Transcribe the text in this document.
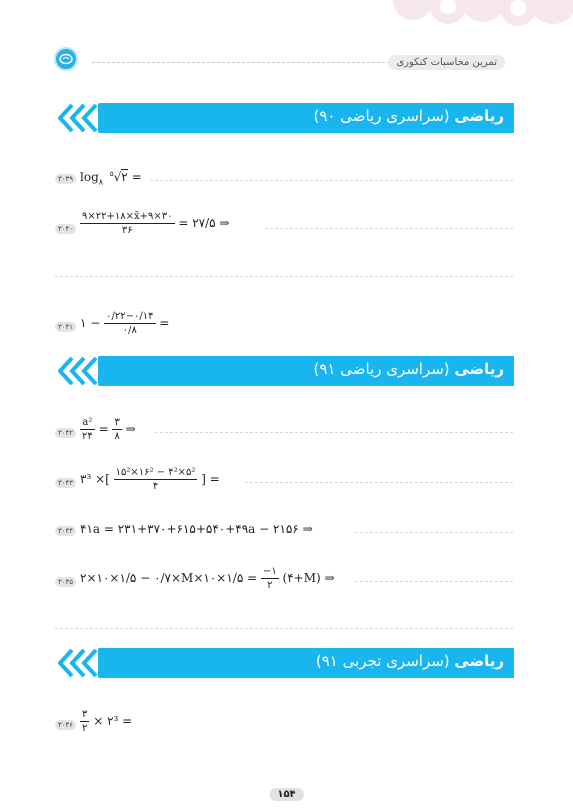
تمرین محاسبات کنکوری
ریاضی (سراسری ریاضی ۹۰)
۳۰۳۹ $\log_۸$ $^۵$√۲ =
۳۰۴۰ $\frac{۹\times ۲۲+۱۸\times x̄+۹\times ۳۰}{۳۶}$ = ۲۷/۵ ⇒
۳۰۴۱ ۱ − $\frac{۰/۲۲-۰/۱۴}{۰/۸}$ =
ریاضی (سراسری ریاضی ۹۱)
۳۰۴۲ $\frac{\text{a²}}{۲۴} = \frac{۳}{۸}$ ⇒
۳۰۴۳ ۳³ ×[ $\frac{\text{۱۵²×۱۶² − ۴²×۵²}}{۴}$ ] =
۳۰۴۴ ۴۱a = ۲۳۱+۳۷۰+۶۱۵+۵۴۰+۴۹a − ۲۱۵۶ ⇒
۳۰۴۵ ۲×۱۰×۱/۵ − ۰/۷×M×۱۰×۱/۵ = $\frac{-۱}{۲}$ (۴+M) ⇒
ریاضی (سراسری تجربی ۹۱)
۳۰۴۶ $\frac{۳}{۲}$ × ۲³ =
۱۵۴
